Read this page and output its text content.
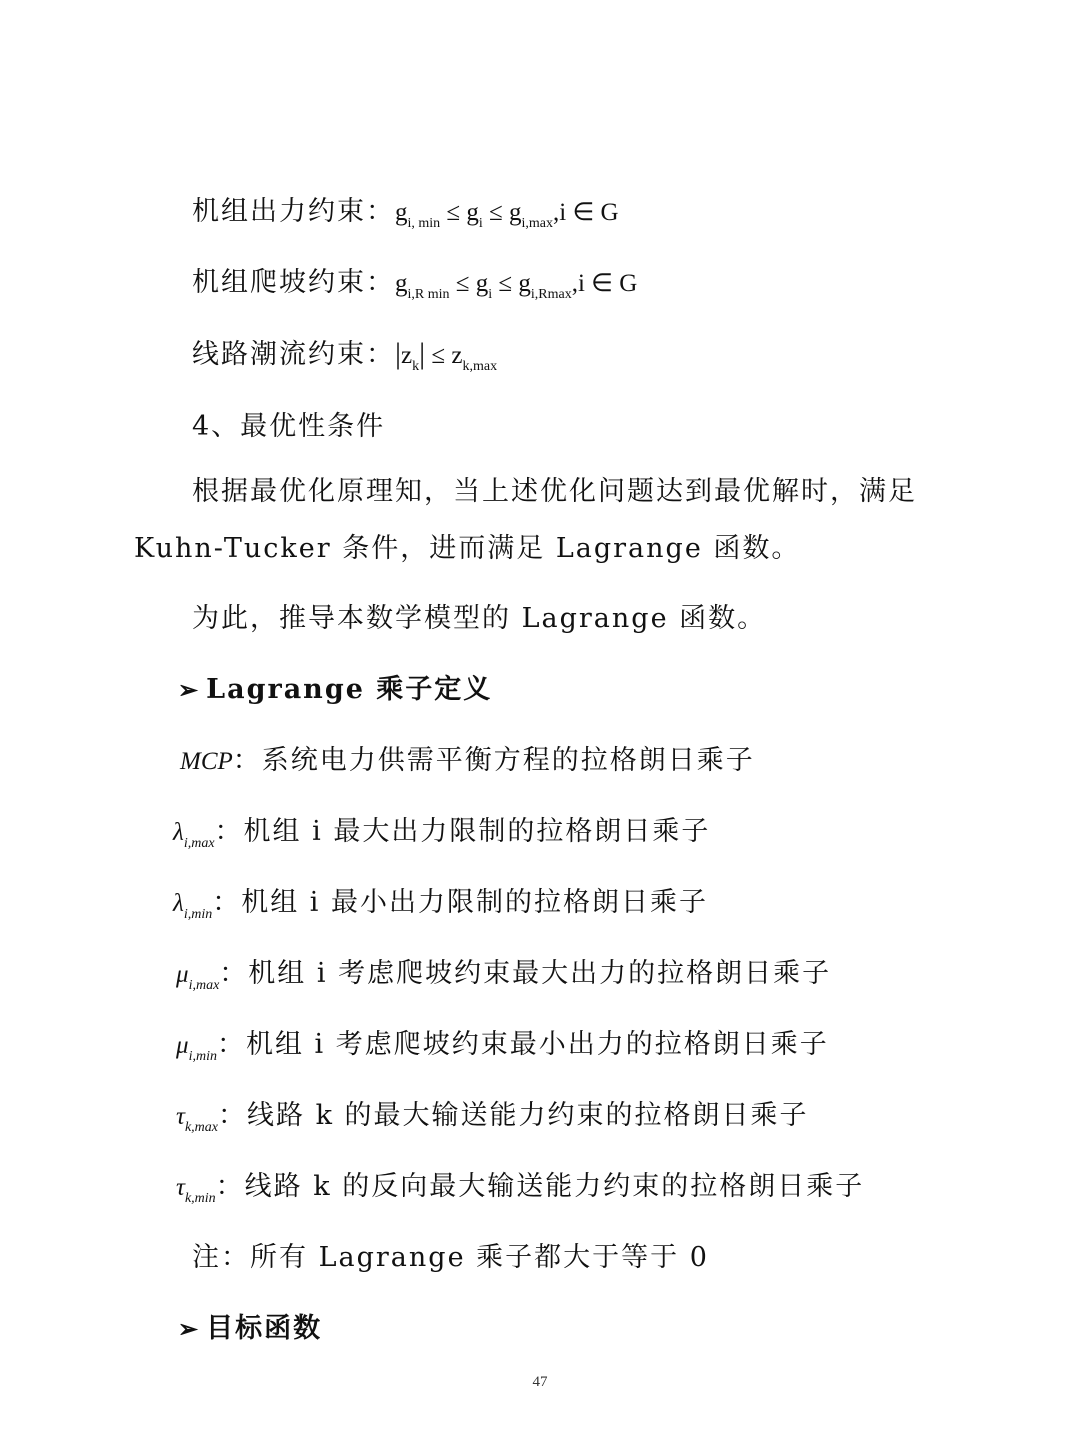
机组出力约束：$g_{i, min} \le g_i \le g_{i,max},i$ ∈ G
机组爬坡约束：$g_{i,R min} \le g_i \le g_{i,Rmax},i$ ∈ G
线路潮流约束：$|z_k| \le z_{k,max}$
4、最优性条件
根据最优化原理知，当上述优化问题达到最优解时，满足
Kuhn-Tucker 条件，进而满足 Lagrange 函数。
为此，推导本数学模型的 Lagrange 函数。
➢ Lagrange 乘子定义
MCP：系统电力供需平衡方程的拉格朗日乘子
$\lambda_{i,max}$：机组 i 最大出力限制的拉格朗日乘子
$\lambda_{i,min}$：机组 i 最小出力限制的拉格朗日乘子
$\mu_{i,max}$：机组 i 考虑爬坡约束最大出力的拉格朗日乘子
$\mu_{i,min}$：机组 i 考虑爬坡约束最小出力的拉格朗日乘子
$\tau_{k,max}$：线路 k 的最大输送能力约束的拉格朗日乘子
$\tau_{k,min}$：线路 k 的反向最大输送能力约束的拉格朗日乘子
注：所有 Lagrange 乘子都大于等于 0
➢ 目标函数
47
